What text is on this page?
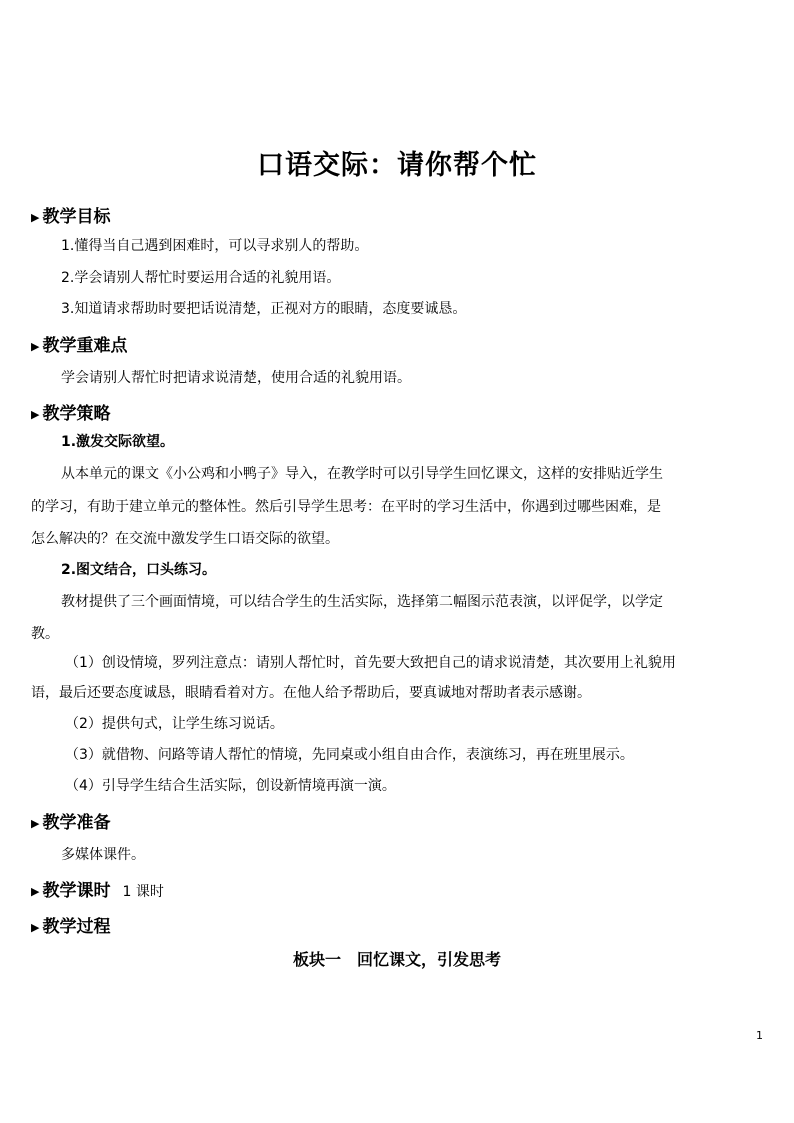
口语交际：请你帮个忙
▶ 教学目标
1.懂得当自己遇到困难时，可以寻求别人的帮助。
2.学会请别人帮忙时要运用合适的礼貌用语。
3.知道请求帮助时要把话说清楚，正视对方的眼睛，态度要诚恳。
▶ 教学重难点
学会请别人帮忙时把请求说清楚，使用合适的礼貌用语。
▶ 教学策略
1.激发交际欲望。
从本单元的课文《小公鸡和小鸭子》导入，在教学时可以引导学生回忆课文，这样的安排贴近学生
的学习，有助于建立单元的整体性。然后引导学生思考：在平时的学习生活中，你遇到过哪些困难，是
怎么解决的？在交流中激发学生口语交际的欲望。
2.图文结合，口头练习。
教材提供了三个画面情境，可以结合学生的生活实际，选择第二幅图示范表演，以评促学，以学定
教。
（1）创设情境，罗列注意点：请别人帮忙时，首先要大致把自己的请求说清楚，其次要用上礼貌用
语，最后还要态度诚恳，眼睛看着对方。在他人给予帮助后，要真诚地对帮助者表示感谢。
（2）提供句式，让学生练习说话。
（3）就借物、问路等请人帮忙的情境，先同桌或小组自由合作，表演练习，再在班里展示。
（4）引导学生结合生活实际，创设新情境再演一演。
▶ 教学准备
多媒体课件。
▶ 教学课时 1 课时
▶ 教学过程
板块一　回忆课文，引发思考
1
